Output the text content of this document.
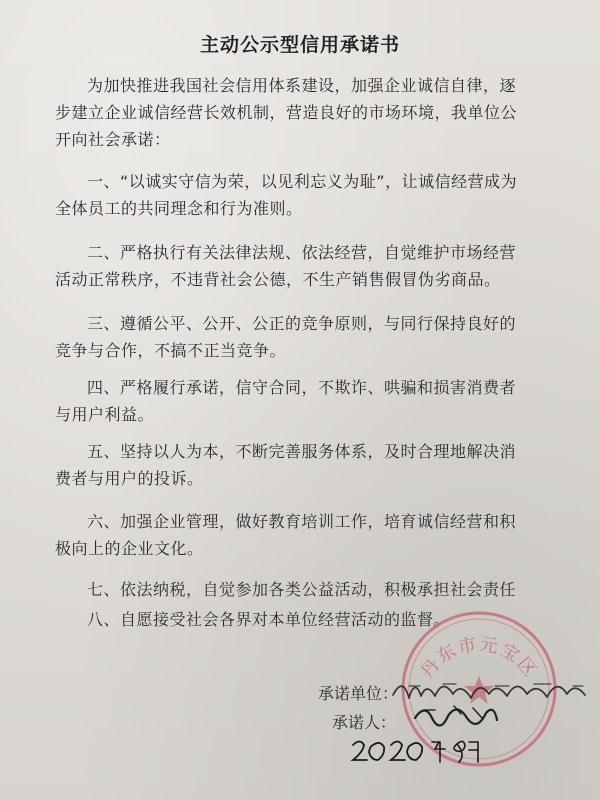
主动公示型信用承诺书

为加快推进我国社会信用体系建设，加强企业诚信自律，逐
步建立企业诚信经营长效机制，营造良好的市场环境，我单位公
开向社会承诺：

一、“以诚实守信为荣，以见利忘义为耻”，让诚信经营成为
全体员工的共同理念和行为准则。

二、严格执行有关法律法规、依法经营，自觉维护市场经营
活动正常秩序，不违背社会公德，不生产销售假冒伪劣商品。

三、遵循公平、公开、公正的竞争原则，与同行保持良好的
竞争与合作，不搞不正当竞争。

四、严格履行承诺，信守合同，不欺诈、哄骗和损害消费者
与用户利益。

五、坚持以人为本，不断完善服务体系，及时合理地解决消
费者与用户的投诉。

六、加强企业管理，做好教育培训工作，培育诚信经营和积
极向上的企业文化。

七、依法纳税，自觉参加各类公益活动，积极承担社会责任

八、自愿接受社会各界对本单位经营活动的监督。

丹东市元宝区
承诺单位：
承诺人：
